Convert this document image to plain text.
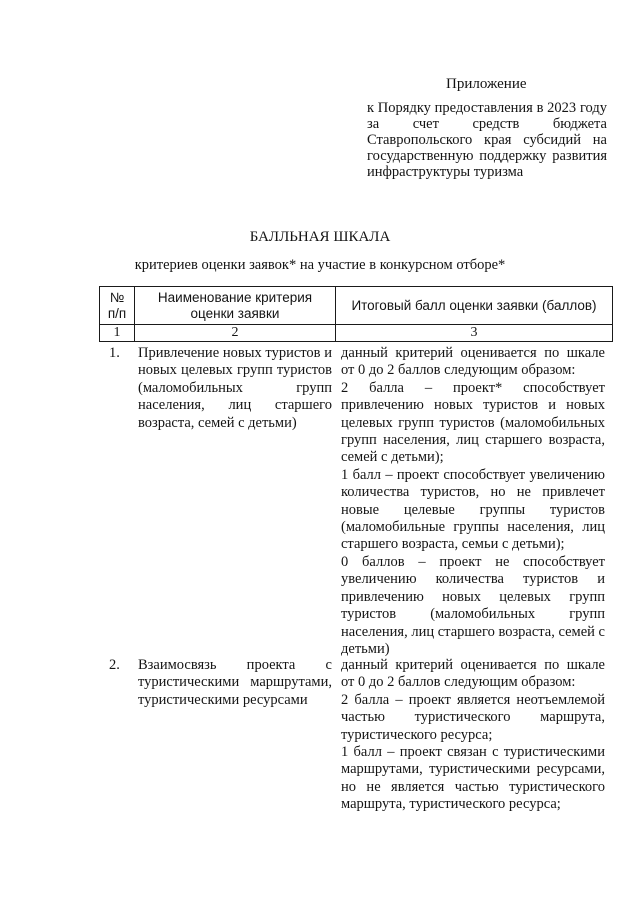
Приложение
к Порядку предоставления в 2023 году за счет средств бюджета Ставропольского края субсидий на государственную поддержку развития инфраструктуры туризма
БАЛЛЬНАЯ ШКАЛА
критериев оценки заявок* на участие в конкурсном отборе*
№ п/п
Наименование критерия оценки заявки
Итоговый балл оценки заявки (баллов)
1	2	3
1. Привлечение новых туристов и новых целевых групп туристов (маломобильных групп населения, лиц старшего возраста, семей с детьми)

данный критерий оценивается по шкале от 0 до 2 баллов следующим образом:

2 балла – проект* способствует привлечению новых туристов и новых целевых групп туристов (маломобильных групп населения, лиц старшего возраста, семей с детьми);

1 балл – проект способствует увеличению количества туристов, но не привлечет новые целевые группы туристов (маломобильные группы населения, лиц старшего возраста, семьи с детьми);

0 баллов – проект не способствует увеличению количества туристов и привлечению новых целевых групп туристов (маломобильных групп населения, лиц старшего возраста, семей с детьми)

2. Взаимосвязь проекта с туристическими маршрутами, туристическими ресурсами

данный критерий оценивается по шкале от 0 до 2 баллов следующим образом:

2 балла – проект является неотъемлемой частью туристического маршрута, туристического ресурса;

1 балл – проект связан с туристическими маршрутами, туристическими ресурсами, но не является частью туристического маршрута, туристического ресурса;
